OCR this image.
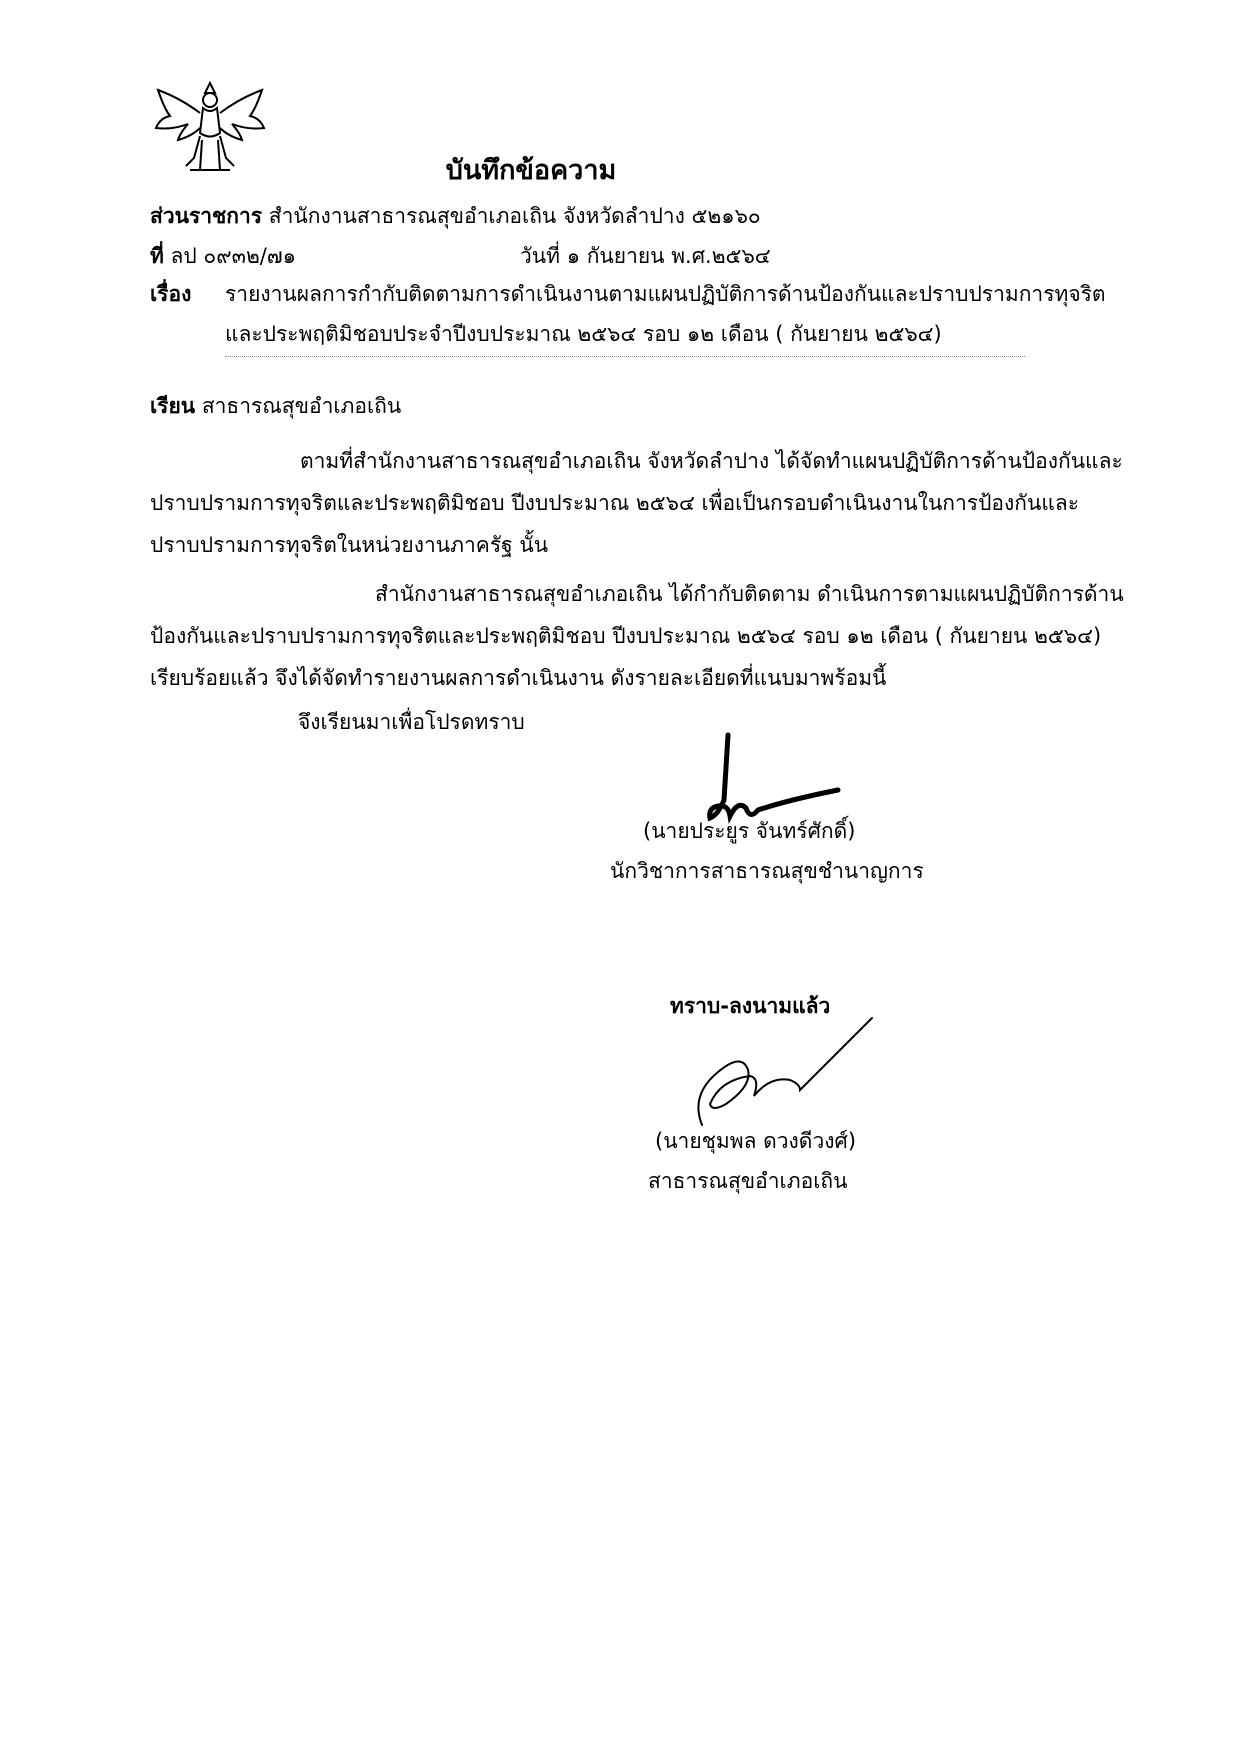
บันทึกข้อความ
ส่วนราชการ สำนักงานสาธารณสุขอำเภอเถิน จังหวัดลำปาง ๕๒๑๖๐
ที่ ลป ๐๙๓๒/๗๑	วันที่ ๑ กันยายน พ.ศ.๒๕๖๔
เรื่อง รายงานผลการกำกับติดตามการดำเนินงานตามแผนปฏิบัติการด้านป้องกันและปราบปรามการทุจริต
และประพฤติมิชอบประจำปีงบประมาณ ๒๕๖๔ รอบ ๑๒ เดือน ( กันยายน ๒๕๖๔)
เรียน สาธารณสุขอำเภอเถิน
ตามที่สำนักงานสาธารณสุขอำเภอเถิน จังหวัดลำปาง ได้จัดทำแผนปฏิบัติการด้านป้องกันและ
ปราบปรามการทุจริตและประพฤติมิชอบ ปีงบประมาณ ๒๕๖๔ เพื่อเป็นกรอบดำเนินงานในการป้องกันและ
ปราบปรามการทุจริตในหน่วยงานภาครัฐ นั้น
สำนักงานสาธารณสุขอำเภอเถิน ได้กำกับติดตาม ดำเนินการตามแผนปฏิบัติการด้าน
ป้องกันและปราบปรามการทุจริตและประพฤติมิชอบ ปีงบประมาณ ๒๕๖๔ รอบ ๑๒ เดือน ( กันยายน ๒๕๖๔)
เรียบร้อยแล้ว จึงได้จัดทำรายงานผลการดำเนินงาน ดังรายละเอียดที่แนบมาพร้อมนี้
จึงเรียนมาเพื่อโปรดทราบ
(นายประยูร จันทร์ศักดิ์)
นักวิชาการสาธารณสุขชำนาญการ
ทราบ-ลงนามแล้ว
(นายชุมพล ดวงดีวงศ์)
สาธารณสุขอำเภอเถิน
